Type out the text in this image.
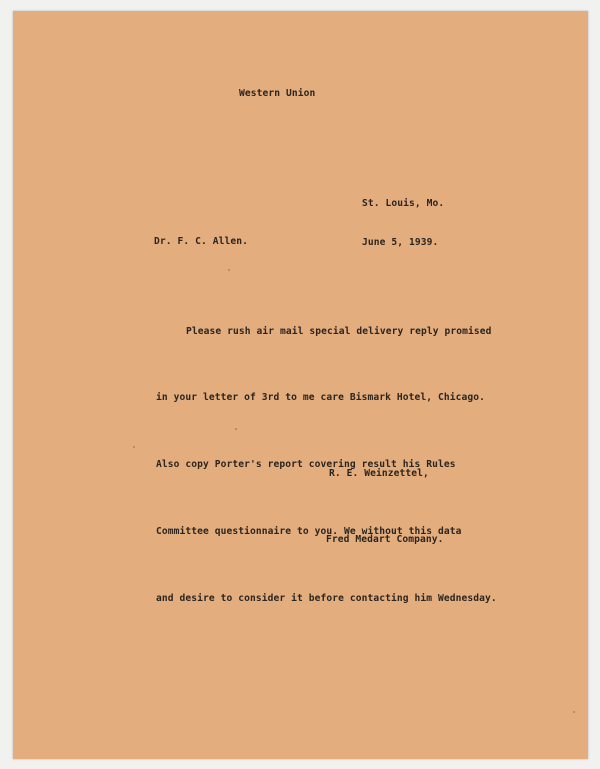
Western Union

St. Louis, Mo.

June 5, 1939.

Dr. F. C. Allen.

Please rush air mail special delivery reply promised

in your letter of 3rd to me care Bismark Hotel, Chicago.

Also copy Porter's report covering result his Rules

Committee questionnaire to you. We without this data

and desire to consider it before contacting him Wednesday.

R. E. Weinzettel,

Fred Medart Company.
